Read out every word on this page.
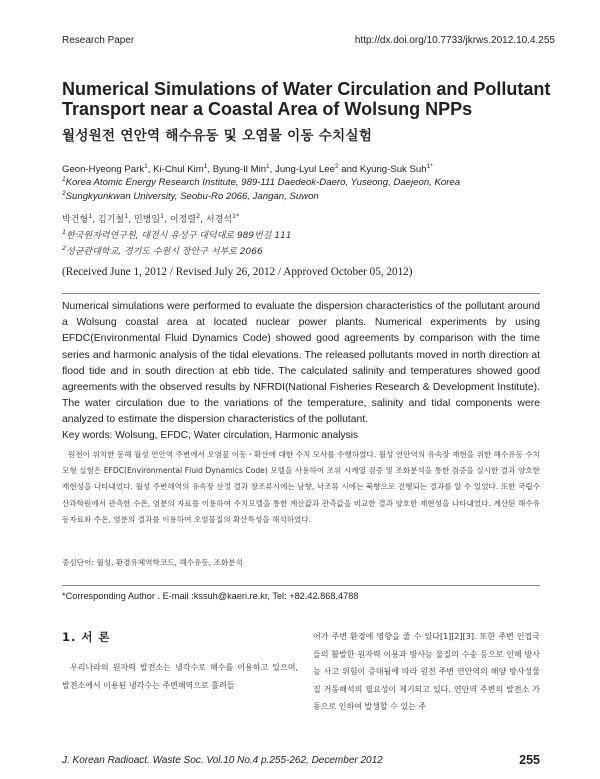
Research Paper	http://dx.doi.org/10.7733/jkrws.2012.10.4.255
Numerical Simulations of Water Circulation and Pollutant
Transport near a Coastal Area of Wolsung NPPs
월성원전 연안역 해수유동 및 오염물 이동 수치실험
Geon-Hyeong Park$^1$, Ki-Chul Kim$^1$, Byung-Il Min$^1$, Jung-Lyul Lee$^2$ and Kyung-Suk Suh$^{1*}$
$^1$Korea Atomic Energy Research Institute, 989-111 Daedeok-Daero, Yuseong, Daejeon, Korea
$^2$Sungkyunkwan University, Seobu-Ro 2066, Jangan, Suwon
박건형$^1$, 김기철$^1$, 민병일$^1$, 이정렬$^2$, 서경석$^{1*}$
$^1$한국원자력연구원, 대전시 유성구 대덕대로 989번길 111
$^2$성균관대학교, 경기도 수원시 장안구 서부로 2066
(Received June 1, 2012 / Revised July 26, 2012 / Approved October 05, 2012)
Numerical simulations were performed to evaluate the dispersion characteristics of the pollutant around a Wolsung coastal area at located nuclear power plants. Numerical experiments by using EFDC(Environmental Fluid Dynamics Code) showed good agreements by comparison with the time series and harmonic analysis of the tidal elevations. The released pollutants moved in north direction at flood tide and in south direction at ebb tide. The calculated salinity and temperatures showed good agreements with the observed results by NFRDI(National Fisheries Research & Development Institute). The water circulation due to the variations of the temperature, salinity and tidal components were analyzed to estimate the dispersion characteristics of the pollutant.
Key words: Wolsung, EFDC, Water circulation, Harmonic analysis
원전이 위치한 동해 월성 연안역 주변에서 오염물 이동・확산에 대한 수치 모사를 수행하였다. 월성 연안역의 유속장 재현을 위한 해수유동 수치모형 실험은 EFDC(Environmental Fluid Dynamics Code) 모델을 사용하여 조위 시계열 검증 및 조화분석을 통한 검증을 실시한 결과 양호한 재현성을 나타내었다. 월성 주변해역의 유속장 산정 결과 창조류시에는 남향, 낙조류 시에는 북향으로 진행되는 결과를 알 수 있었다. 또한 국립수산과학원에서 관측한 수온, 염분의 자료를 이용하여 수치모델을 통한 계산값과 관측값을 비교한 결과 양호한 재현성을 나타내었다. 계산된 해수유동자료와 수온, 염분의 결과를 이용하여 오염물질의 확산특성을 해석하였다.
중심단어: 월성, 환경유체역학코드, 해수유동, 조화분석
*Corresponding Author . E-mail :kssuh@kaeri.re.kr, Tel: +82.42.868.4788
1. 서 론
우리나라의 원자력 발전소는 냉각수로 해수를 이용하고 있으며, 발전소에서 이용된 냉각수는 주변해역으로 흘려들
어가 주변 환경에 영향을 줄 수 있다[1][2][3]. 또한 주변 인접국들의 활발한 원자력 이용과 방사능 물질의 수송 등으로 인해 방사능 사고 위험이 증대됨에 따라 원전 주변 연안역의 해양 방사성물질 거동해석의 필요성이 제기되고 있다. 연안역 주변의 발전소 가동으로 인하여 발생할 수 있는 주
J. Korean Radioact. Waste Soc. Vol.10 No.4 p.255-262, December 2012	255
